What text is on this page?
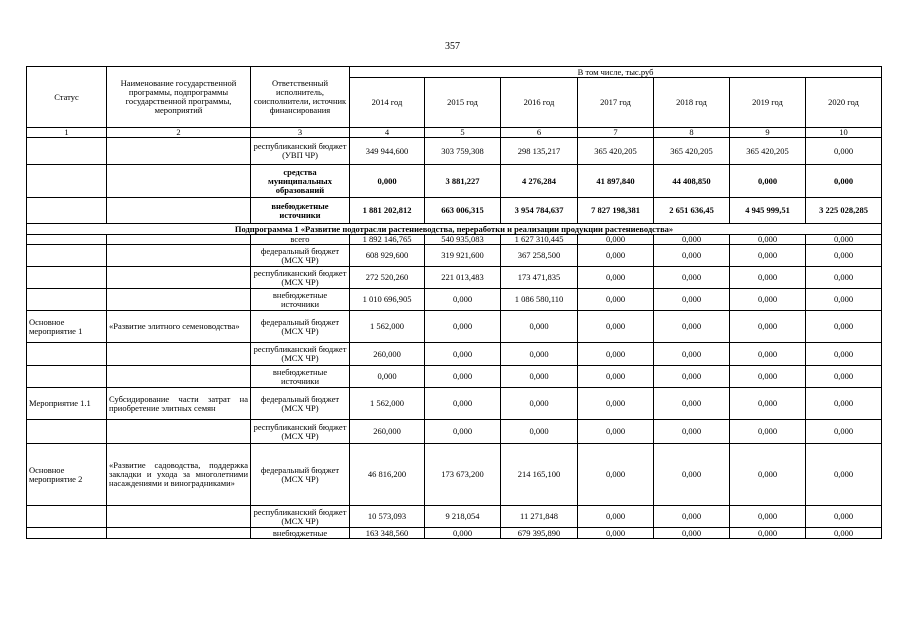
357
Статус	Наименование государственной программы, подпрограммы государственной программы, мероприятий	Ответственный исполнитель, соисполнители, источник финансирования	В том числе, тыс.руб						
			2014 год	2015 год	2016 год	2017 год	2018 год	2019 год	2020 год
1	2	3	4	5	6	7	8	9	10
		республиканский бюджет (УВП ЧР)	349 944,600	303 759,308	298 135,217	365 420,205	365 420,205	365 420,205	0,000
		средства муниципальных образований	0,000	3 881,227	4 276,284	41 897,840	44 408,850	0,000	0,000
		внебюджетные источники	1 881 202,812	663 006,315	3 954 784,637	7 827 198,381	2 651 636,45	4 945 999,51	3 225 028,285
Подпрограмма 1 «Развитие подотрасли растениеводства, переработки и реализации продукции растениеводства»									
		всего	1 892 146,765	540 935,083	1 627 310,445	0,000	0,000	0,000	0,000
		федеральный бюджет (МСХ ЧР)	608 929,600	319 921,600	367 258,500	0,000	0,000	0,000	0,000
		республиканский бюджет (МСХ ЧР)	272 520,260	221 013,483	173 471,835	0,000	0,000	0,000	0,000
		внебюджетные источники	1 010 696,905	0,000	1 086 580,110	0,000	0,000	0,000	0,000
Основное мероприятие 1	«Развитие элитного семеноводства»	федеральный бюджет (МСХ ЧР)	1 562,000	0,000	0,000	0,000	0,000	0,000	0,000
		республиканский бюджет (МСХ ЧР)	260,000	0,000	0,000	0,000	0,000	0,000	0,000
		внебюджетные источники	0,000	0,000	0,000	0,000	0,000	0,000	0,000
Мероприятие 1.1	Субсидирование части затрат на приобретение элитных семян	федеральный бюджет (МСХ ЧР)	1 562,000	0,000	0,000	0,000	0,000	0,000	0,000
		республиканский бюджет (МСХ ЧР)	260,000	0,000	0,000	0,000	0,000	0,000	0,000
Основное мероприятие 2	«Развитие садоводства, поддержка закладки и ухода за многолетними насаждениями и виноградниками»	федеральный бюджет (МСХ ЧР)	46 816,200	173 673,200	214 165,100	0,000	0,000	0,000	0,000
		республиканский бюджет (МСХ ЧР)	10 573,093	9 218,054	11 271,848	0,000	0,000	0,000	0,000
		внебюджетные	163 348,560	0,000	679 395,890	0,000	0,000	0,000	0,000
